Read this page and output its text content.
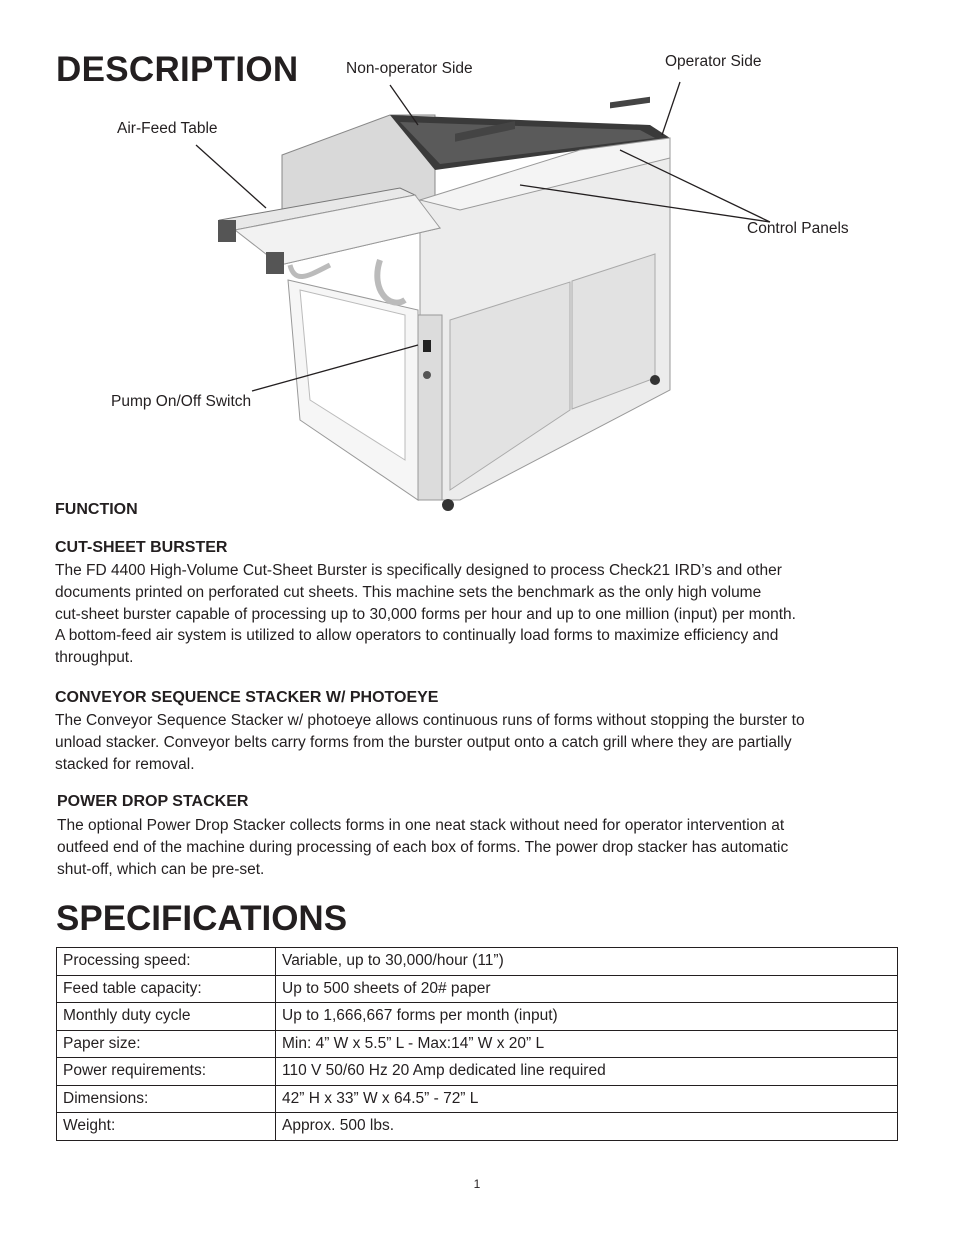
DESCRIPTION	Non-operator Side	Operator Side
Air-Feed Table
Control Panels
Pump On/Off Switch
FUNCTION
CUT-SHEET BURSTER

The FD 4400 High-Volume Cut-Sheet Burster is specifically designed to process Check21 IRD’s and other

documents printed on perforated cut sheets. This machine sets the benchmark as the only high volume

cut-sheet burster capable of processing up to 30,000 forms per hour and up to one million (input) per month.

A bottom-feed air system is utilized to allow operators to continually load forms to maximize efficiency and

throughput.

CONVEYOR SEQUENCE STACKER W/ PHOTOEYE

The Conveyor Sequence Stacker w/ photoeye allows continuous runs of forms without stopping the burster to

unload stacker. Conveyor belts carry forms from the burster output onto a catch grill where they are partially

stacked for removal.

POWER DROP STACKER

The optional Power Drop Stacker collects forms in one neat stack without need for operator intervention at

outfeed end of the machine during processing of each box of forms. The power drop stacker has automatic

shut-off, which can be pre-set.

SPECIFICATIONS
Processing speed:	Variable, up to 30,000/hour (11”)
Feed table capacity:	Up to 500 sheets of 20# paper
Monthly duty cycle	Up to 1,666,667 forms per month (input)
Paper size:	Min: 4” W x 5.5” L - Max:14” W x 20” L
Power requirements:	110 V 50/60 Hz 20 Amp dedicated line required
Dimensions:	42” H x 33” W x 64.5” - 72” L
Weight:	Approx. 500 lbs.
1
